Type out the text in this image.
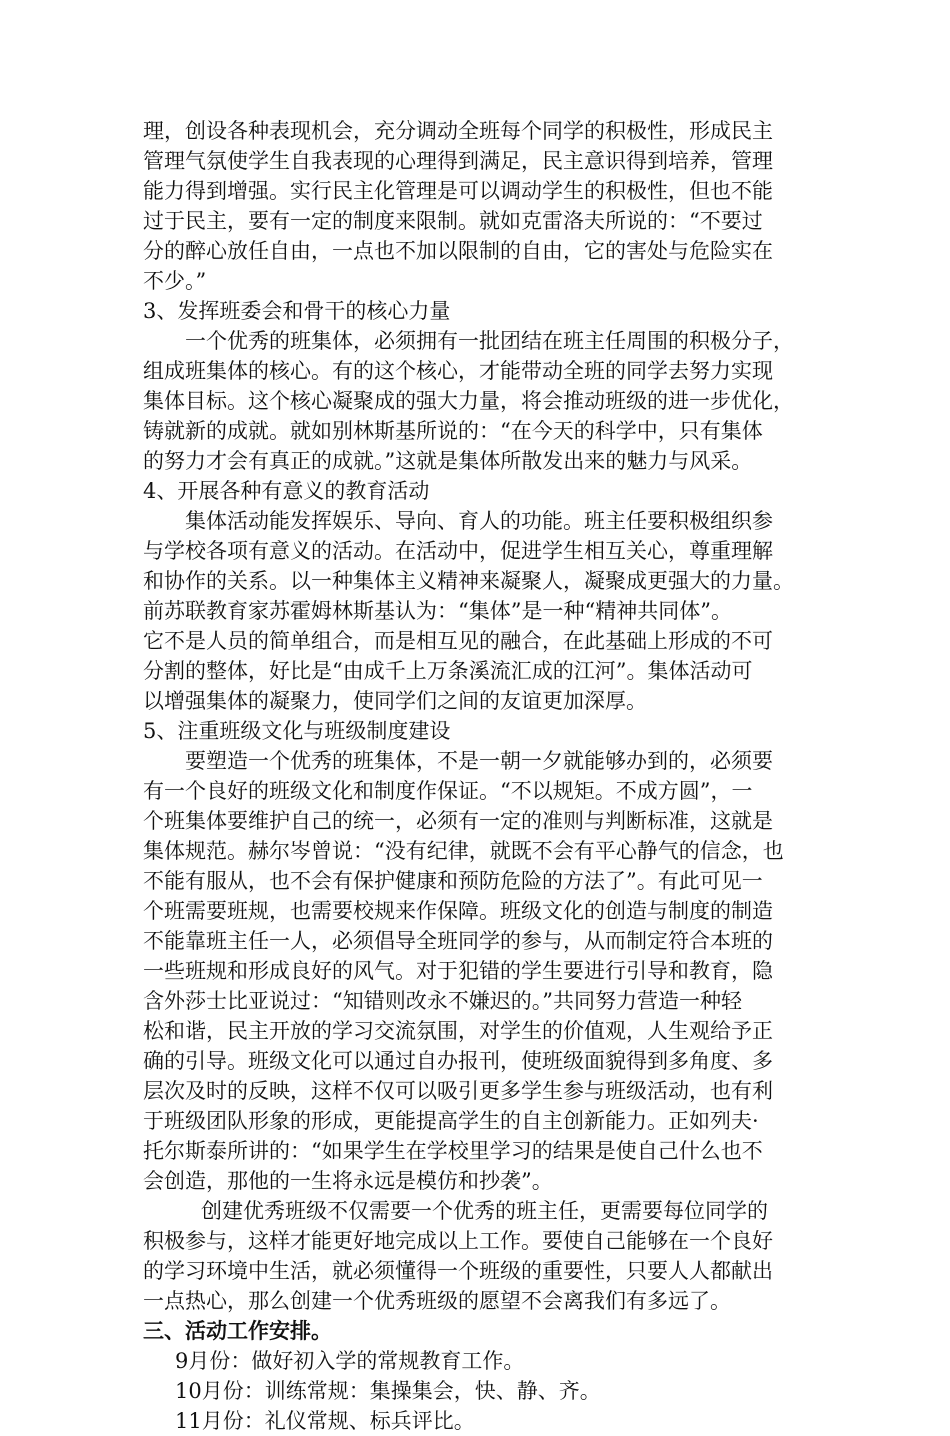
理，创设各种表现机会，充分调动全班每个同学的积极性，形成民主
管理气氛使学生自我表现的心理得到满足，民主意识得到培养，管理
能力得到增强。实行民主化管理是可以调动学生的积极性，但也不能
过于民主，要有一定的制度来限制。就如克雷洛夫所说的：“不要过
分的醉心放任自由，一点也不加以限制的自由，它的害处与危险实在
不少。”
3、发挥班委会和骨干的核心力量
一个优秀的班集体，必须拥有一批团结在班主任周围的积极分子，
组成班集体的核心。有的这个核心，才能带动全班的同学去努力实现
集体目标。这个核心凝聚成的强大力量，将会推动班级的进一步优化，
铸就新的成就。就如别林斯基所说的：“在今天的科学中，只有集体
的努力才会有真正的成就。”这就是集体所散发出来的魅力与风采。
4、开展各种有意义的教育活动
集体活动能发挥娱乐、导向、育人的功能。班主任要积极组织参
与学校各项有意义的活动。在活动中，促进学生相互关心，尊重理解
和协作的关系。以一种集体主义精神来凝聚人，凝聚成更强大的力量。
前苏联教育家苏霍姆林斯基认为：“集体”是一种“精神共同体”。
它不是人员的简单组合，而是相互见的融合，在此基础上形成的不可
分割的整体，好比是“由成千上万条溪流汇成的江河”。集体活动可
以增强集体的凝聚力，使同学们之间的友谊更加深厚。
5、注重班级文化与班级制度建设
要塑造一个优秀的班集体，不是一朝一夕就能够办到的，必须要
有一个良好的班级文化和制度作保证。“不以规矩。不成方圆”，一
个班集体要维护自己的统一，必须有一定的准则与判断标准，这就是
集体规范。赫尔岑曾说：“没有纪律，就既不会有平心静气的信念，也
不能有服从，也不会有保护健康和预防危险的方法了”。有此可见一
个班需要班规，也需要校规来作保障。班级文化的创造与制度的制造
不能靠班主任一人，必须倡导全班同学的参与，从而制定符合本班的
一些班规和形成良好的风气。对于犯错的学生要进行引导和教育，隐
含外莎士比亚说过：“知错则改永不嫌迟的。”共同努力营造一种轻
松和谐，民主开放的学习交流氛围，对学生的价值观，人生观给予正
确的引导。班级文化可以通过自办报刊，使班级面貌得到多角度、多
层次及时的反映，这样不仅可以吸引更多学生参与班级活动，也有利
于班级团队形象的形成，更能提高学生的自主创新能力。正如列夫·
托尔斯泰所讲的：“如果学生在学校里学习的结果是使自己什么也不
会创造，那他的一生将永远是模仿和抄袭”。
创建优秀班级不仅需要一个优秀的班主任，更需要每位同学的
积极参与，这样才能更好地完成以上工作。要使自己能够在一个良好
的学习环境中生活，就必须懂得一个班级的重要性，只要人人都献出
一点热心，那么创建一个优秀班级的愿望不会离我们有多远了。
三、活动工作安排。
9月份：做好初入学的常规教育工作。
10月份：训练常规：集操集会，快、静、齐。
11月份：礼仪常规、标兵评比。
